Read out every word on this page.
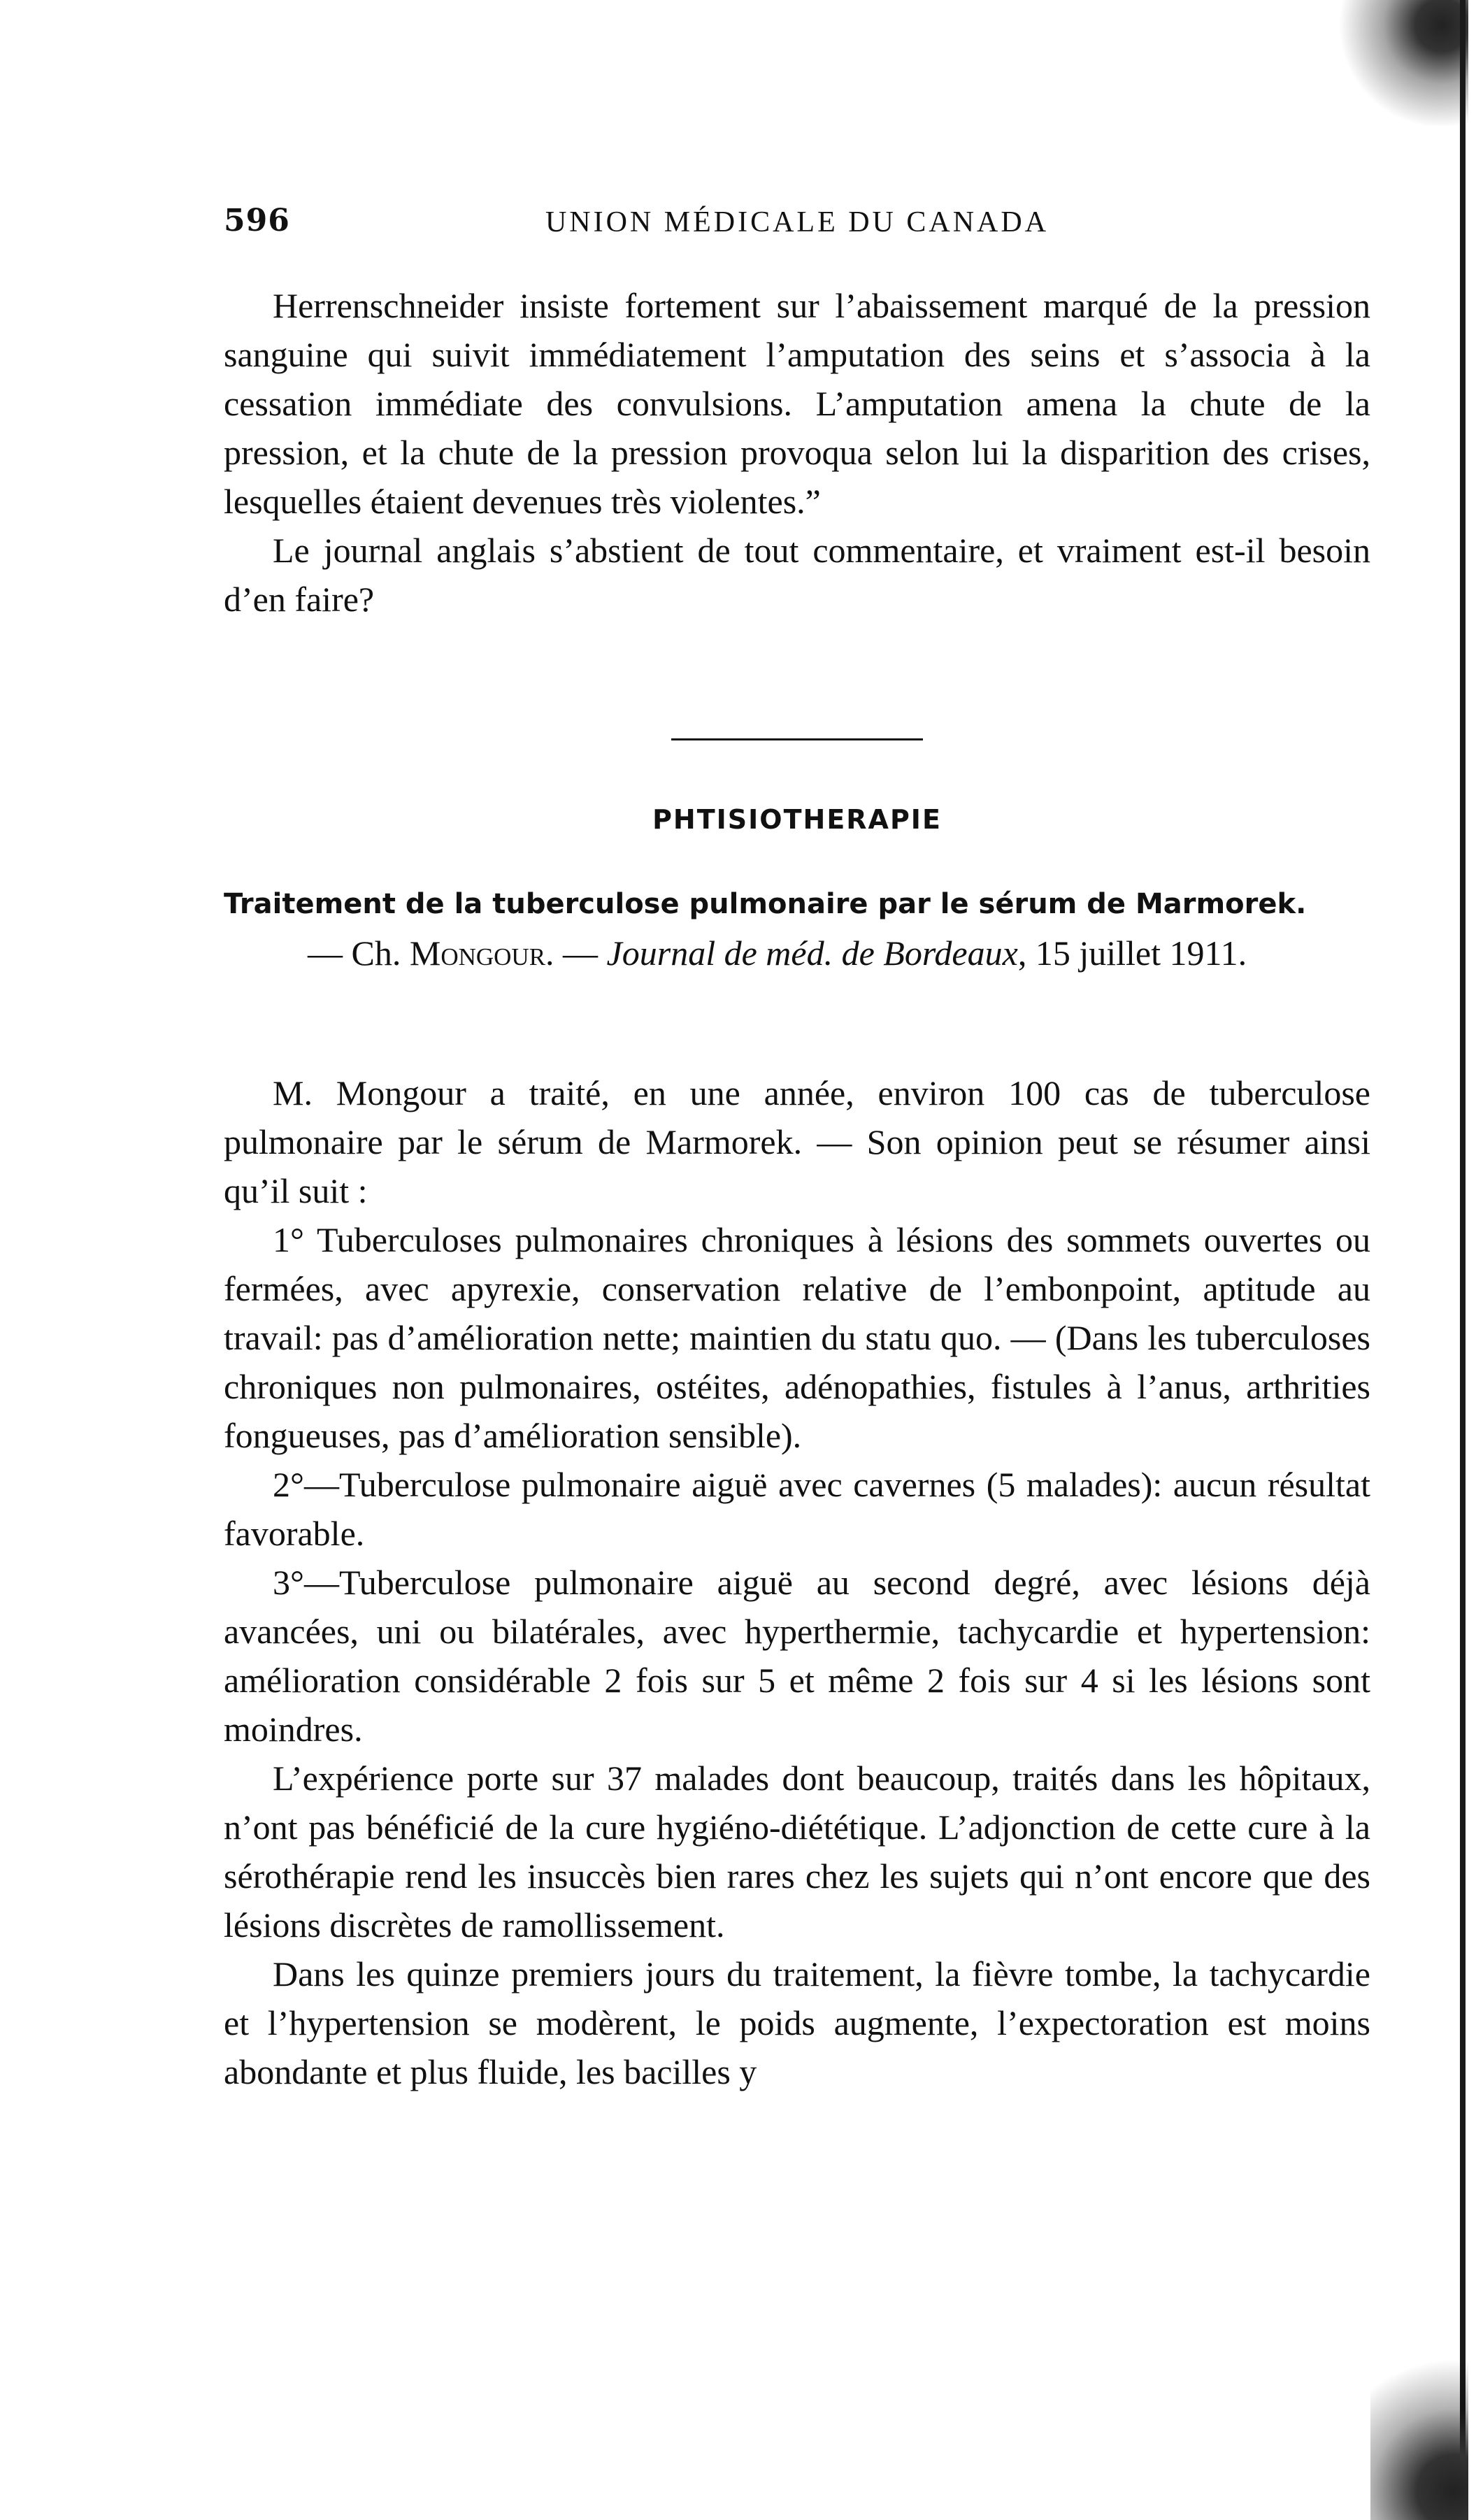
596	UNION MÉDICALE DU CANADA

Herrenschneider insiste fortement sur l’abaissement marqué de la pression sanguine qui suivit immédiatement l’amputation des seins et s’associa à la cessation immédiate des convulsions. L’amputation amena la chute de la pression, et la chute de la pression provoqua selon lui la disparition des crises, lesquelles étaient devenues très violentes.”

Le journal anglais s’abstient de tout commentaire, et vraiment est-il besoin d’en faire?

PHTISIOTHERAPIE
Traitement de la tuberculose pulmonaire par le sérum de Marmorek.
— Ch. Mongour. — Journal de méd. de Bordeaux, 15 juillet 1911.

M. Mongour a traité, en une année, environ 100 cas de tuberculose pulmonaire par le sérum de Marmorek. — Son opinion peut se résumer ainsi qu’il suit :

1° Tuberculoses pulmonaires chroniques à lésions des sommets ouvertes ou fermées, avec apyrexie, conservation relative de l’embonpoint, aptitude au travail: pas d’amélioration nette; maintien du statu quo. — (Dans les tuberculoses chroniques non pulmonaires, ostéites, adénopathies, fistules à l’anus, arthrities fongueuses, pas d’amélioration sensible).

2°—Tuberculose pulmonaire aiguë avec cavernes (5 malades): aucun résultat favorable.

3°—Tuberculose pulmonaire aiguë au second degré, avec lésions déjà avancées, uni ou bilatérales, avec hyperthermie, tachycardie et hypertension: amélioration considérable 2 fois sur 5 et même 2 fois sur 4 si les lésions sont moindres.

L’expérience porte sur 37 malades dont beaucoup, traités dans les hôpitaux, n’ont pas bénéficié de la cure hygiéno-diététique. L’adjonction de cette cure à la sérothérapie rend les insuccès bien rares chez les sujets qui n’ont encore que des lésions discrètes de ramollissement.

Dans les quinze premiers jours du traitement, la fièvre tombe, la tachycardie et l’hypertension se modèrent, le poids augmente, l’expectoration est moins abondante et plus fluide, les bacilles y
